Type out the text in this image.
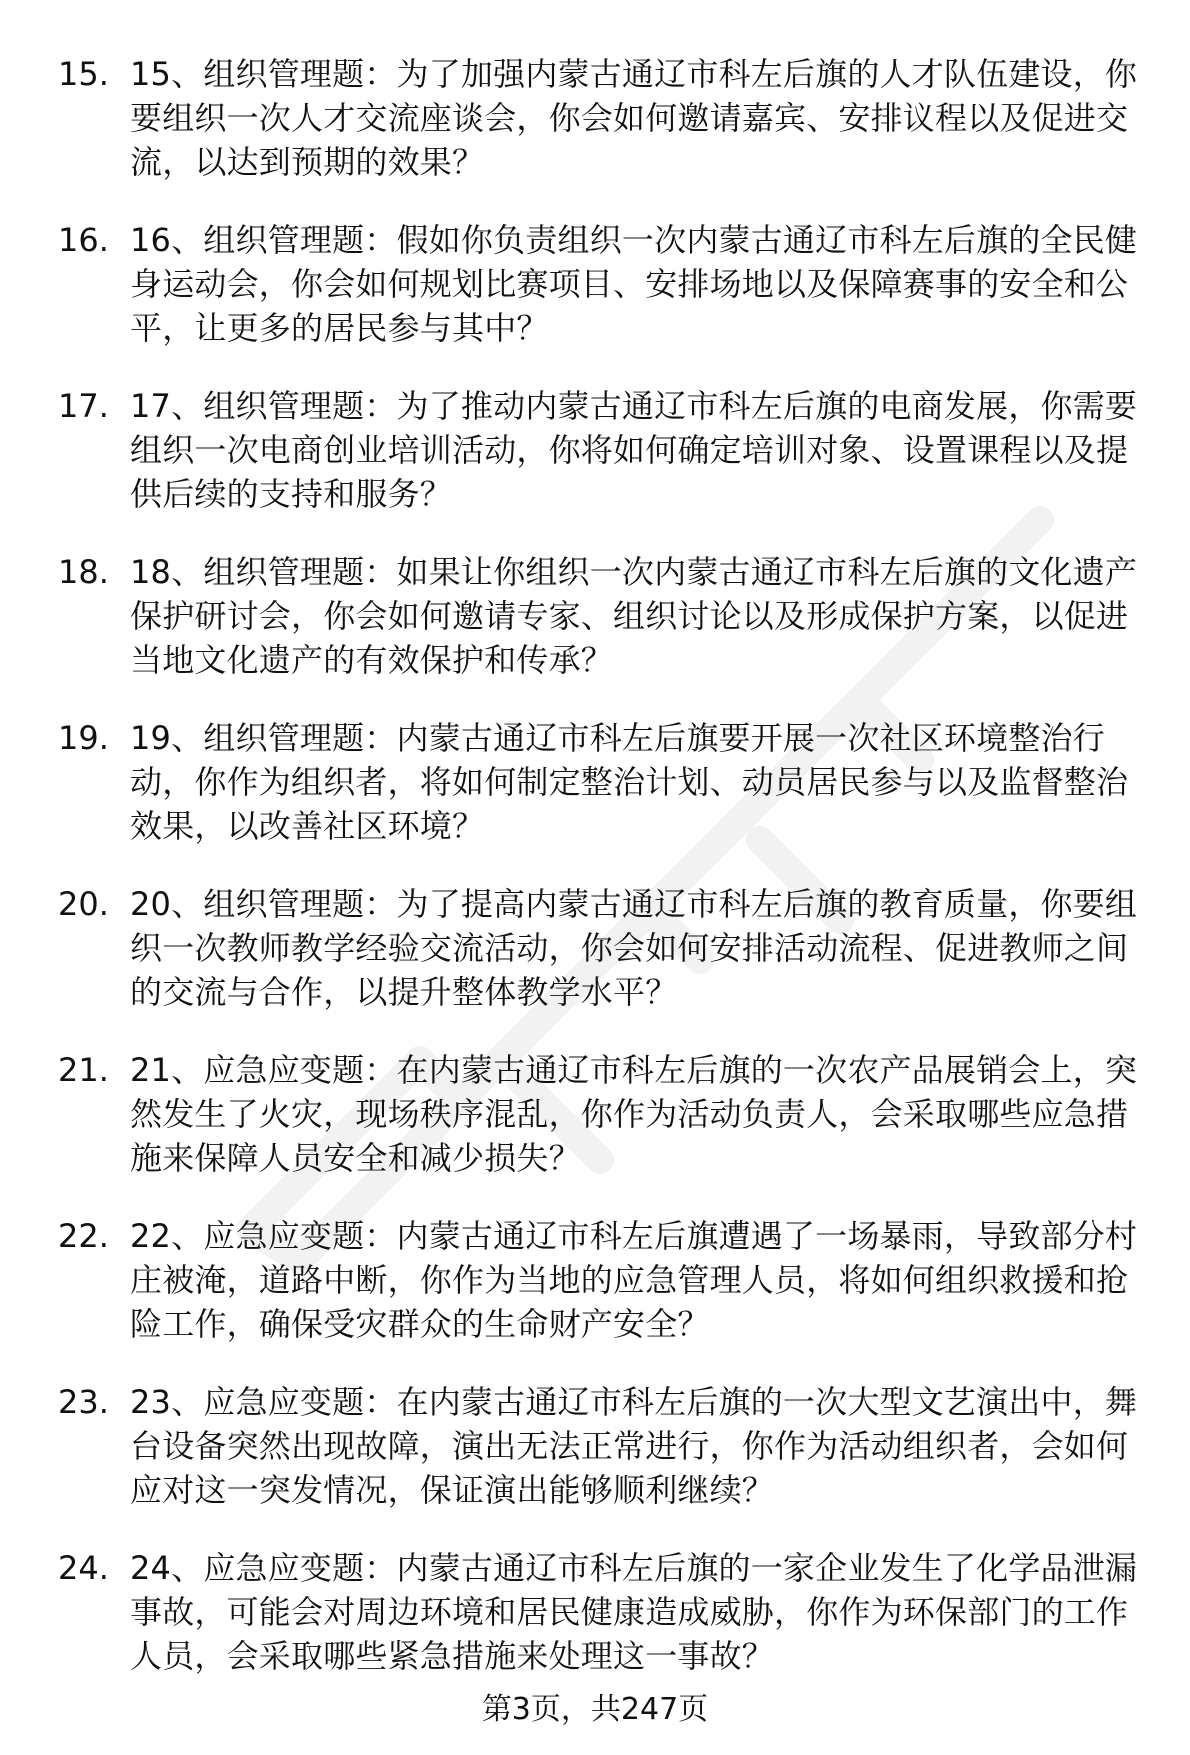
15. 15、组织管理题：为了加强内蒙古通辽市科左后旗的人才队伍建设，你要组织一次人才交流座谈会，你会如何邀请嘉宾、安排议程以及促进交流，以达到预期的效果？
16. 16、组织管理题：假如你负责组织一次内蒙古通辽市科左后旗的全民健身运动会，你会如何规划比赛项目、安排场地以及保障赛事的安全和公平，让更多的居民参与其中？
17. 17、组织管理题：为了推动内蒙古通辽市科左后旗的电商发展，你需要组织一次电商创业培训活动，你将如何确定培训对象、设置课程以及提供后续的支持和服务？
18. 18、组织管理题：如果让你组织一次内蒙古通辽市科左后旗的文化遗产保护研讨会，你会如何邀请专家、组织讨论以及形成保护方案，以促进当地文化遗产的有效保护和传承？
19. 19、组织管理题：内蒙古通辽市科左后旗要开展一次社区环境整治行动，你作为组织者，将如何制定整治计划、动员居民参与以及监督整治效果，以改善社区环境？
20. 20、组织管理题：为了提高内蒙古通辽市科左后旗的教育质量，你要组织一次教师教学经验交流活动，你会如何安排活动流程、促进教师之间的交流与合作，以提升整体教学水平？
21. 21、应急应变题：在内蒙古通辽市科左后旗的一次农产品展销会上，突然发生了火灾，现场秩序混乱，你作为活动负责人，会采取哪些应急措施来保障人员安全和减少损失？
22. 22、应急应变题：内蒙古通辽市科左后旗遭遇了一场暴雨，导致部分村庄被淹，道路中断，你作为当地的应急管理人员，将如何组织救援和抢险工作，确保受灾群众的生命财产安全？
23. 23、应急应变题：在内蒙古通辽市科左后旗的一次大型文艺演出中，舞台设备突然出现故障，演出无法正常进行，你作为活动组织者，会如何应对这一突发情况，保证演出能够顺利继续？
24. 24、应急应变题：内蒙古通辽市科左后旗的一家企业发生了化学品泄漏事故，可能会对周边环境和居民健康造成威胁，你作为环保部门的工作人员，会采取哪些紧急措施来处理这一事故？
第3页，共247页
